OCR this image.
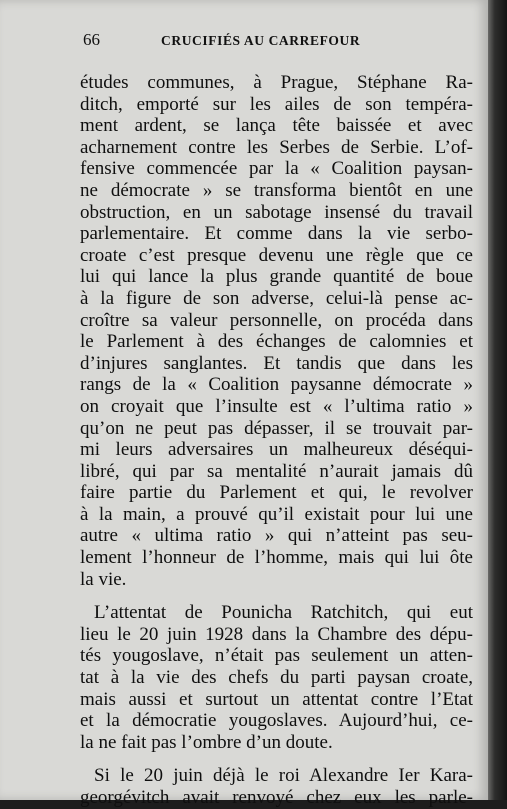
66	CRUCIFIÉS AU CARREFOUR
études communes, à Prague, Stéphane Ra-
ditch, emporté sur les ailes de son tempéra-
ment ardent, se lança tête baissée et avec
acharnement contre les Serbes de Serbie. L’of-
fensive commencée par la « Coalition paysan-
ne démocrate » se transforma bientôt en une
obstruction, en un sabotage insensé du travail
parlementaire. Et comme dans la vie serbo-
croate c’est presque devenu une règle que ce
lui qui lance la plus grande quantité de boue
à la figure de son adverse, celui-là pense ac-
croître sa valeur personnelle, on procéda dans
le Parlement à des échanges de calomnies et
d’injures sanglantes. Et tandis que dans les
rangs de la « Coalition paysanne démocrate »
on croyait que l’insulte est « l’ultima ratio »
qu’on ne peut pas dépasser, il se trouvait par-
mi leurs adversaires un malheureux déséqui-
libré, qui par sa mentalité n’aurait jamais dû
faire partie du Parlement et qui, le revolver
à la main, a prouvé qu’il existait pour lui une
autre « ultima ratio » qui n’atteint pas seu-
lement l’honneur de l’homme, mais qui lui ôte
la vie.
L’attentat de Pounicha Ratchitch, qui eut
lieu le 20 juin 1928 dans la Chambre des dépu-
tés yougoslave, n’était pas seulement un atten-
tat à la vie des chefs du parti paysan croate,
mais aussi et surtout un attentat contre l’Etat
et la démocratie yougoslaves. Aujourd’hui, ce-
la ne fait pas l’ombre d’un doute.
Si le 20 juin déjà le roi Alexandre Ier Kara-
georgévitch avait renvoyé chez eux les parle-
